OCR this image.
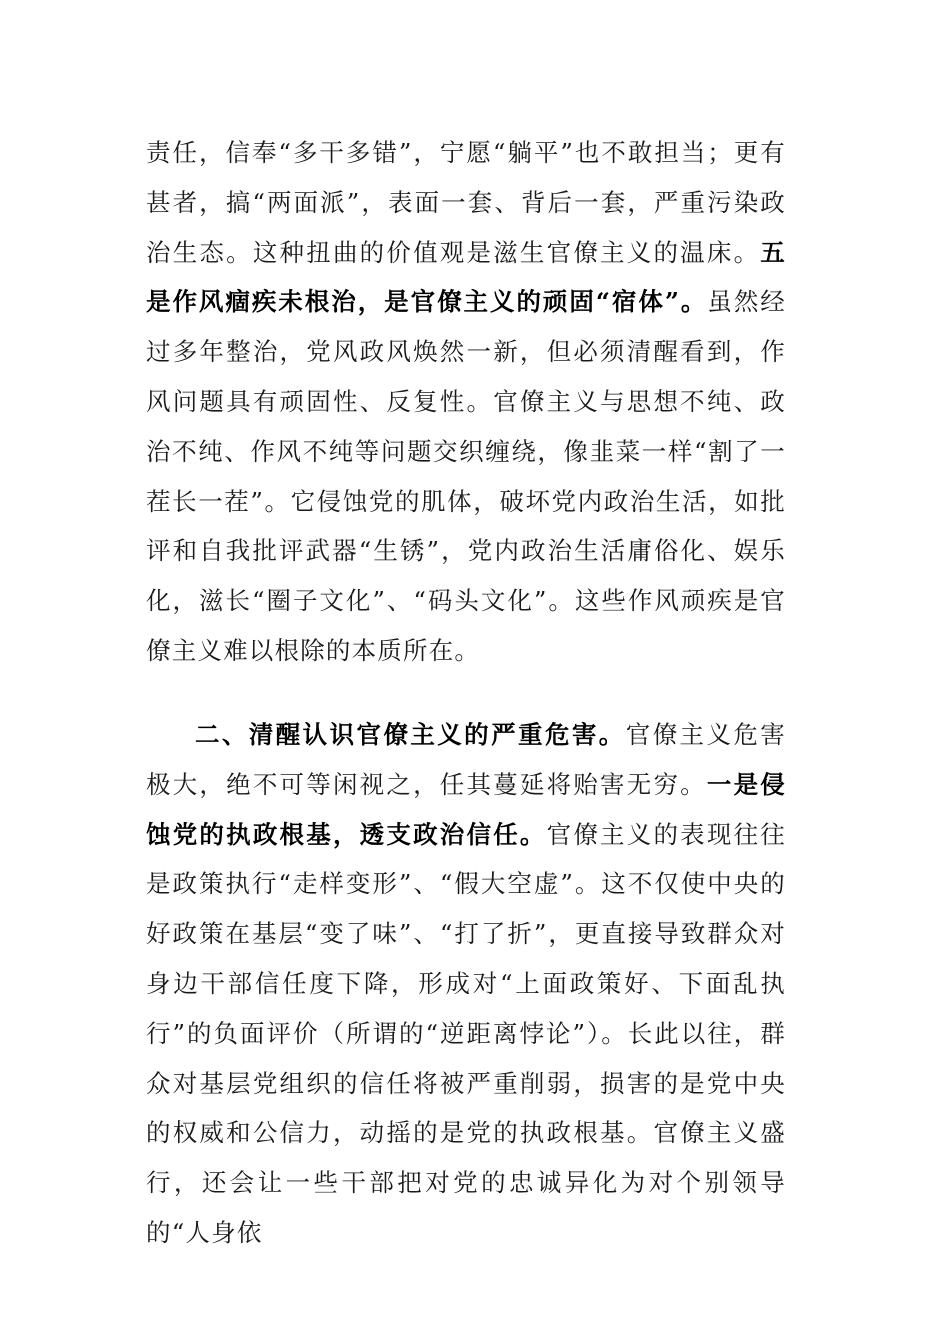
责任，信奉“多干多错”，宁愿“躺平”也不敢担当；更有甚者，搞“两面派”，表面一套、背后一套，严重污染政治生态。这种扭曲的价值观是滋生官僚主义的温床。五是作风痼疾未根治，是官僚主义的顽固“宿体”。虽然经过多年整治，党风政风焕然一新，但必须清醒看到，作风问题具有顽固性、反复性。官僚主义与思想不纯、政治不纯、作风不纯等问题交织缠绕，像韭菜一样“割了一茬长一茬”。它侵蚀党的肌体，破坏党内政治生活，如批评和自我批评武器“生锈”，党内政治生活庸俗化、娱乐化，滋长“圈子文化”、“码头文化”。这些作风顽疾是官僚主义难以根除的本质所在。

二、清醒认识官僚主义的严重危害。官僚主义危害极大，绝不可等闲视之，任其蔓延将贻害无穷。一是侵蚀党的执政根基，透支政治信任。官僚主义的表现往往是政策执行“走样变形”、“假大空虚”。这不仅使中央的好政策在基层“变了味”、“打了折”，更直接导致群众对身边干部信任度下降，形成对“上面政策好、下面乱执行”的负面评价（所谓的“逆距离悖论”）。长此以往，群众对基层党组织的信任将被严重削弱，损害的是党中央的权威和公信力，动摇的是党的执政根基。官僚主义盛行，还会让一些干部把对党的忠诚异化为对个别领导的“人身依
